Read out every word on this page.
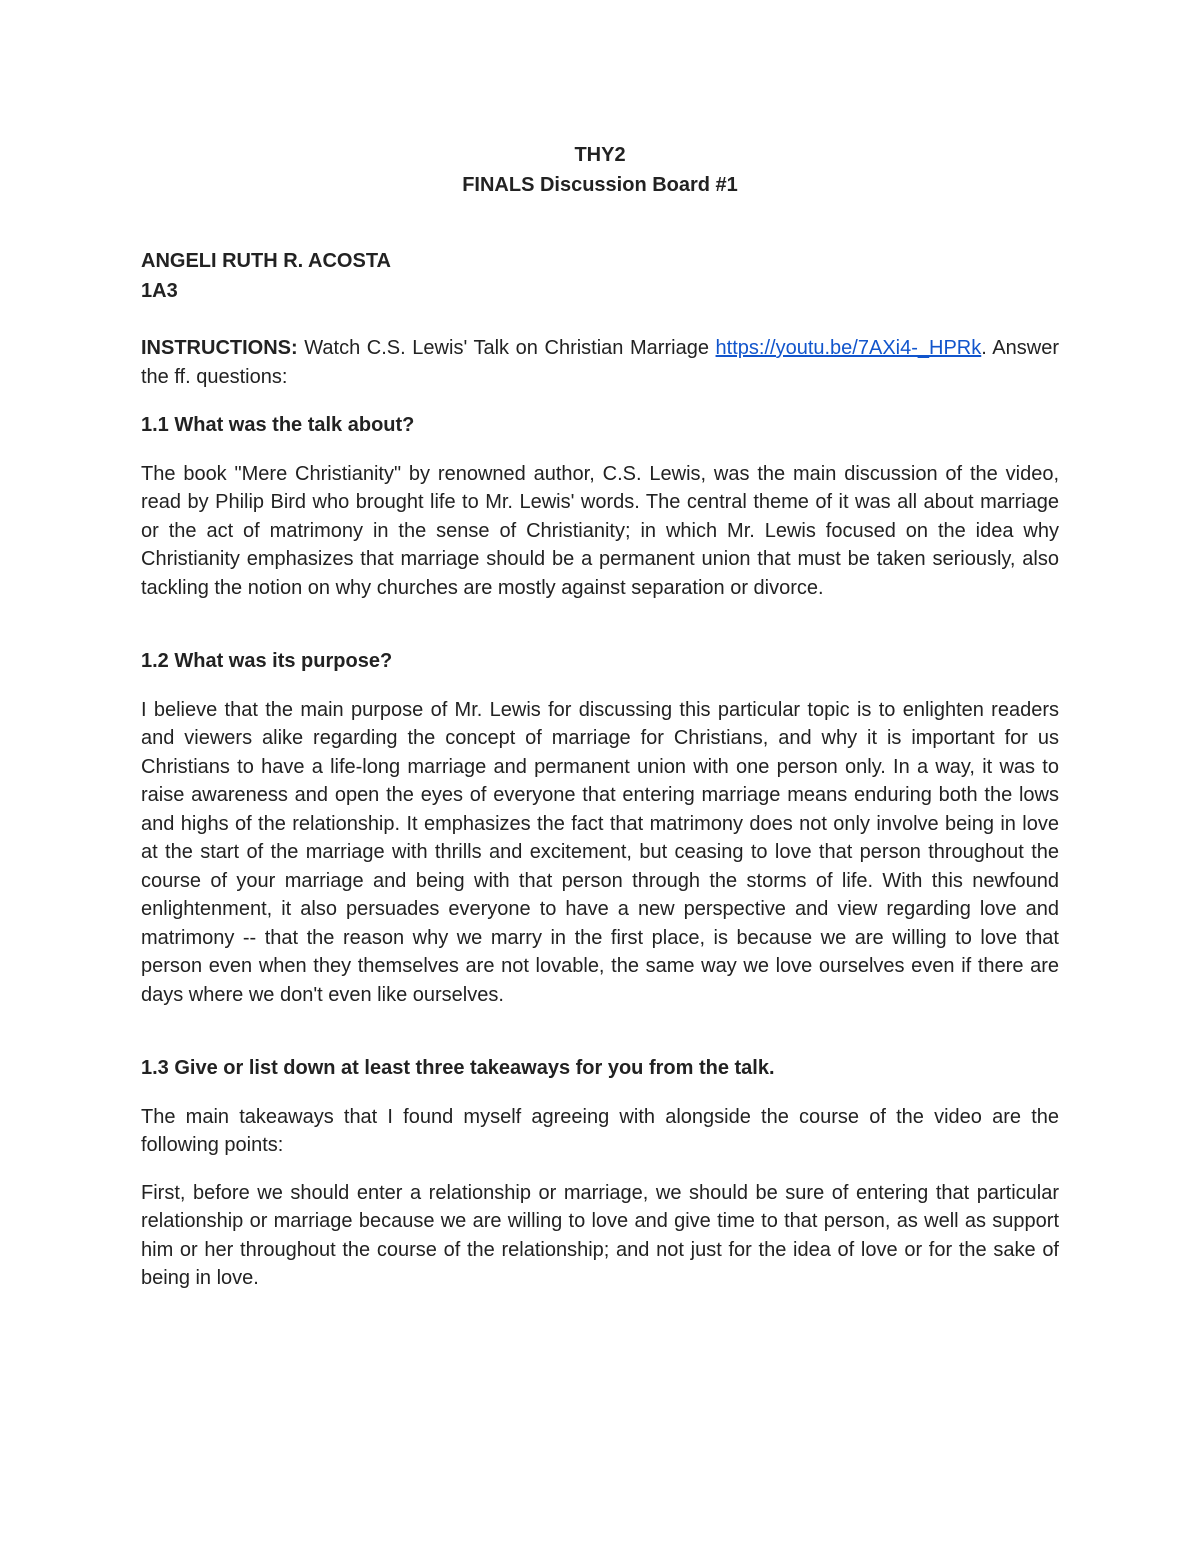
THY2
FINALS Discussion Board #1
ANGELI RUTH R. ACOSTA
1A3
INSTRUCTIONS: Watch C.S. Lewis' Talk on Christian Marriage https://youtu.be/7AXi4-_HPRk. Answer the ff. questions:
1.1 What was the talk about?
The book "Mere Christianity" by renowned author, C.S. Lewis, was the main discussion of the video, read by Philip Bird who brought life to Mr. Lewis' words. The central theme of it was all about marriage or the act of matrimony in the sense of Christianity; in which Mr. Lewis focused on the idea why Christianity emphasizes that marriage should be a permanent union that must be taken seriously, also tackling the notion on why churches are mostly against separation or divorce.
1.2 What was its purpose?
I believe that the main purpose of Mr. Lewis for discussing this particular topic is to enlighten readers and viewers alike regarding the concept of marriage for Christians, and why it is important for us Christians to have a life-long marriage and permanent union with one person only. In a way, it was to raise awareness and open the eyes of everyone that entering marriage means enduring both the lows and highs of the relationship. It emphasizes the fact that matrimony does not only involve being in love at the start of the marriage with thrills and excitement, but ceasing to love that person throughout the course of your marriage and being with that person through the storms of life. With this newfound enlightenment, it also persuades everyone to have a new perspective and view regarding love and matrimony -- that the reason why we marry in the first place, is because we are willing to love that person even when they themselves are not lovable, the same way we love ourselves even if there are days where we don't even like ourselves.
1.3 Give or list down at least three takeaways for you from the talk.
The main takeaways that I found myself agreeing with alongside the course of the video are the following points:
First, before we should enter a relationship or marriage, we should be sure of entering that particular relationship or marriage because we are willing to love and give time to that person, as well as support him or her throughout the course of the relationship; and not just for the idea of love or for the sake of being in love.
